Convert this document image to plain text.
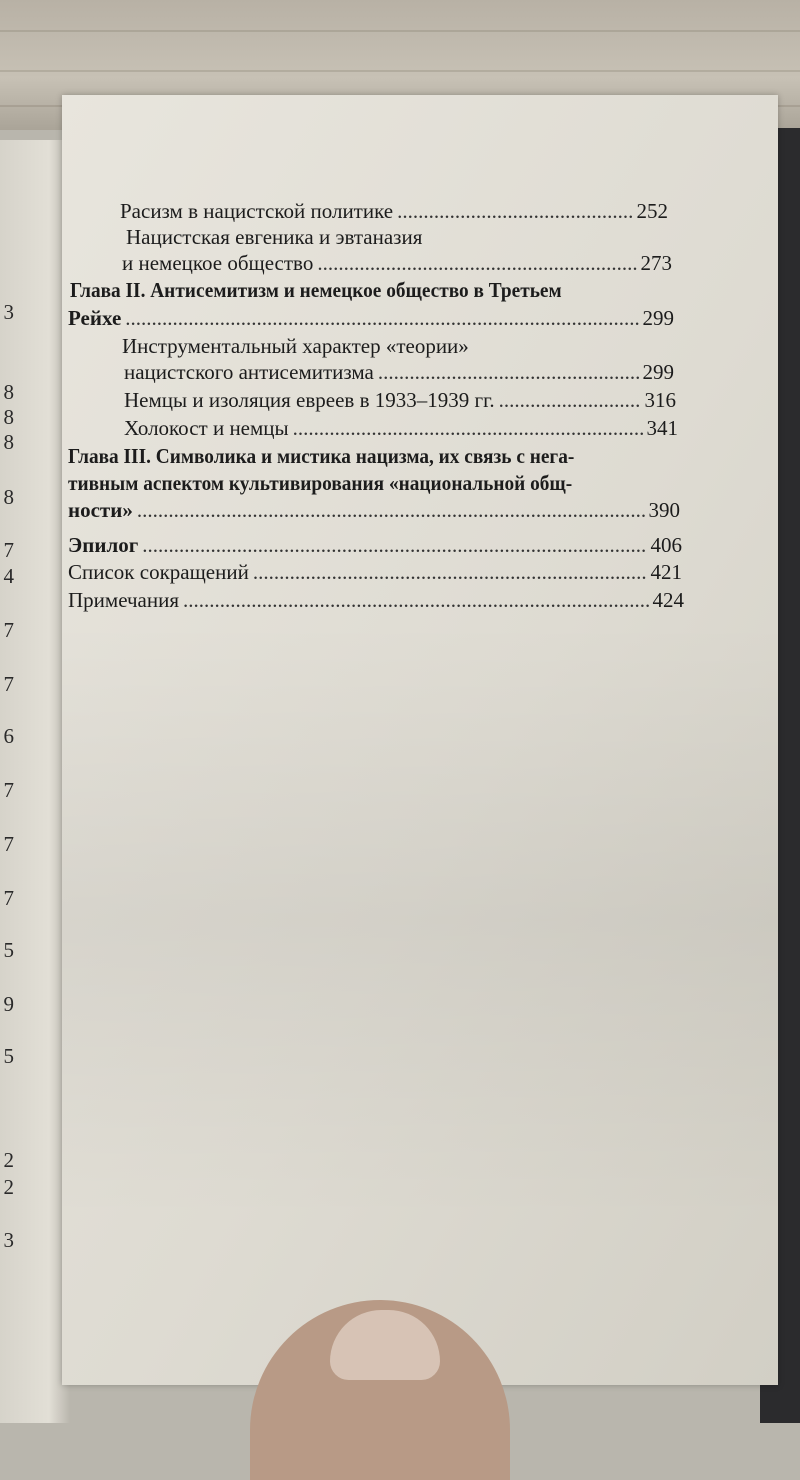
3
8
8
8
8
7
4
7
7
6
7
7
7
5
9
5
2
2
3
Расизм в нацистской политике .....	252
Нацистская евгеника и эвтаназия
и немецкое общество .....	273
Глава II. Антисемитизм и немецкое общество в Третьем
Рейхе .....	299
Инструментальный характер «теории»
нацистского антисемитизма .....	299
Немцы и изоляция евреев в 1933–1939 гг. .....	316
Холокост и немцы .....	341
Глава III. Символика и мистика нацизма, их связь с нега-
тивным аспектом культивирования «национальной общ-
ности» .....	390
Эпилог .....	406
Список сокращений .....	421
Примечания .....	424
